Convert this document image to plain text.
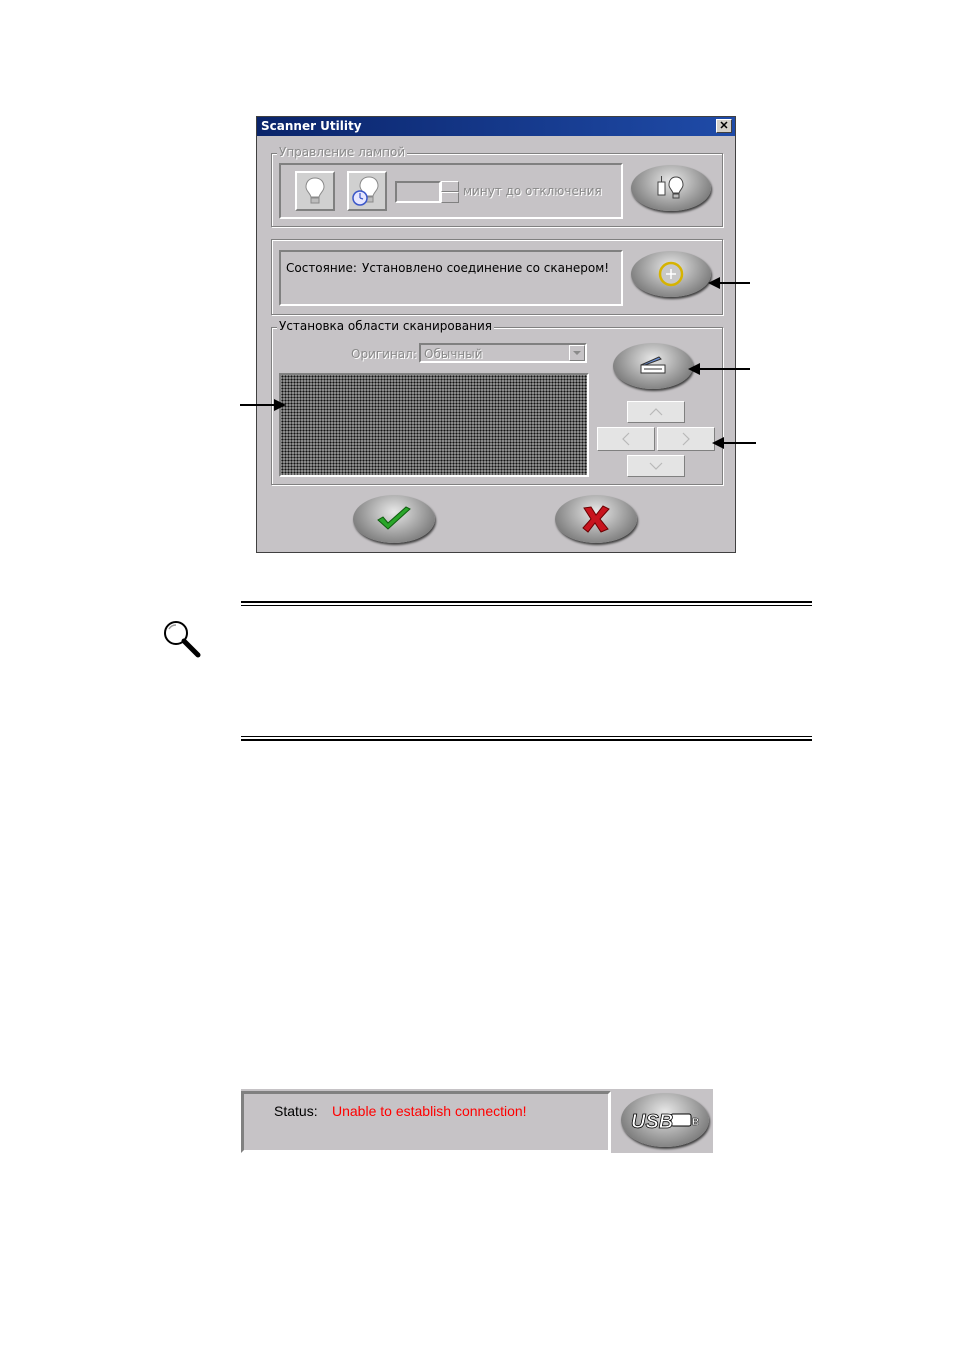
Scanner Utility	✕
Управление лампой
минут до отключения
Состояние: Установлено соединение со сканером!
Установка области сканирования
Оригинал: Обычный
Status: Unable to establish connection!	USB B
